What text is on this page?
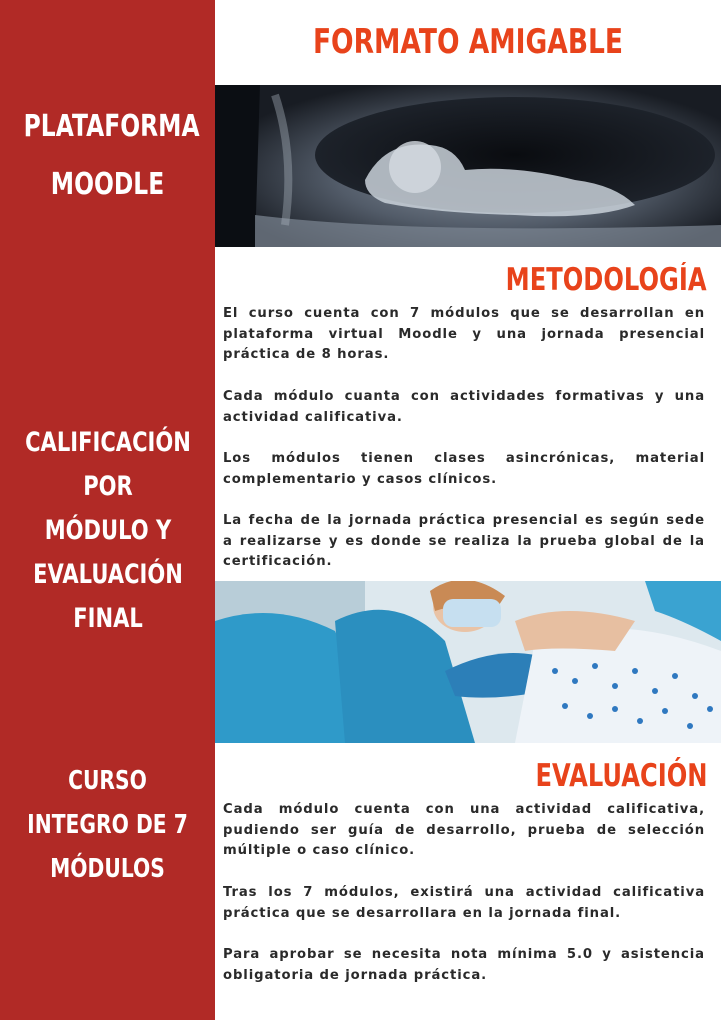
PLATAFORMA
MOODLE
CALIFICACIÓN POR
MÓDULO Y
EVALUACIÓN FINAL
CURSO
INTEGRO DE 7
MÓDULOS
FORMATO AMIGABLE
METODOLOGÍA

El curso cuenta con 7 módulos que se desarrollan en plataforma virtual Moodle y una jornada presencial práctica de 8 horas.

Cada módulo cuanta con actividades formativas y una actividad calificativa.

Los módulos tienen clases asincrónicas, material complementario y casos clínicos.

La fecha de la jornada práctica presencial es según sede a realizarse y es donde se realiza la prueba global de la certificación.

EVALUACIÓN

Cada módulo cuenta con una actividad calificativa, pudiendo ser guía de desarrollo, prueba de selección múltiple o caso clínico.

Tras los 7 módulos, existirá una actividad calificativa práctica que se desarrollara en la jornada final.

Para aprobar se necesita nota mínima 5.0 y asistencia obligatoria de jornada práctica.
